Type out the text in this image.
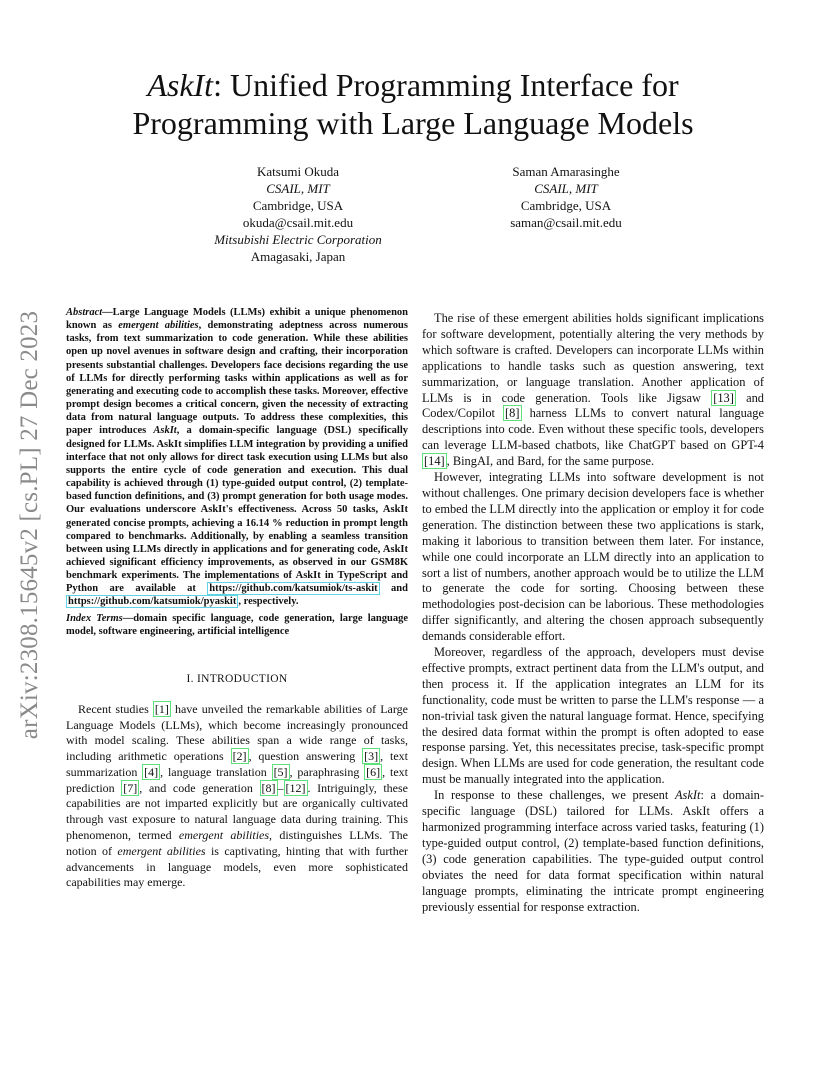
arXiv:2308.15645v2 [cs.PL] 27 Dec 2023
AskIt: Unified Programming Interface for Programming with Large Language Models
Katsumi Okuda
CSAIL, MIT
Cambridge, USA
okuda@csail.mit.edu
Mitsubishi Electric Corporation
Amagasaki, Japan
Saman Amarasinghe
CSAIL, MIT
Cambridge, USA
saman@csail.mit.edu

Abstract—Large Language Models (LLMs) exhibit a unique phenomenon known as emergent abilities, demonstrating adeptness across numerous tasks, from text summarization to code generation. While these abilities open up novel avenues in software design and crafting, their incorporation presents substantial challenges. Developers face decisions regarding the use of LLMs for directly performing tasks within applications as well as for generating and executing code to accomplish these tasks. Moreover, effective prompt design becomes a critical concern, given the necessity of extracting data from natural language outputs. To address these complexities, this paper introduces AskIt, a domain-specific language (DSL) specifically designed for LLMs. AskIt simplifies LLM integration by providing a unified interface that not only allows for direct task execution using LLMs but also supports the entire cycle of code generation and execution. This dual capability is achieved through (1) type-guided output control, (2) template-based function definitions, and (3) prompt generation for both usage modes. Our evaluations underscore AskIt's effectiveness. Across 50 tasks, AskIt generated concise prompts, achieving a 16.14 % reduction in prompt length compared to benchmarks. Additionally, by enabling a seamless transition between using LLMs directly in applications and for generating code, AskIt achieved significant efficiency improvements, as observed in our GSM8K benchmark experiments. The implementations of AskIt in TypeScript and Python are available at https://github.com/katsumiok/ts-askit and https://github.com/katsumiok/pyaskit , respectively.

Index Terms—domain specific language, code generation, large language model, software engineering, artificial intelligence

I. INTRODUCTION

Recent studies [1] have unveiled the remarkable abilities of Large Language Models (LLMs), which become increasingly pronounced with model scaling. These abilities span a wide range of tasks, including arithmetic operations [2] , question answering [3] , text summarization [4] , language translation [5] , paraphrasing [6] , text prediction [7] , and code generation [8] – [12] . Intriguingly, these capabilities are not imparted explicitly but are organically cultivated through vast exposure to natural language data during training. This phenomenon, termed emergent abilities, distinguishes LLMs. The notion of emergent abilities is captivating, hinting that with further advancements in language models, even more sophisticated capabilities may emerge.

The rise of these emergent abilities holds significant implications for software development, potentially altering the very methods by which software is crafted. Developers can incorporate LLMs within applications to handle tasks such as question answering, text summarization, or language translation. Another application of LLMs is in code generation. Tools like Jigsaw [13] and Codex/Copilot [8] harness LLMs to convert natural language descriptions into code. Even without these specific tools, developers can leverage LLM-based chatbots, like ChatGPT based on GPT-4 [14] , BingAI, and Bard, for the same purpose.

However, integrating LLMs into software development is not without challenges. One primary decision developers face is whether to embed the LLM directly into the application or employ it for code generation. The distinction between these two applications is stark, making it laborious to transition between them later. For instance, while one could incorporate an LLM directly into an application to sort a list of numbers, another approach would be to utilize the LLM to generate the code for sorting. Choosing between these methodologies post-decision can be laborious. These methodologies differ significantly, and altering the chosen approach subsequently demands considerable effort.

Moreover, regardless of the approach, developers must devise effective prompts, extract pertinent data from the LLM's output, and then process it. If the application integrates an LLM for its functionality, code must be written to parse the LLM's response — a non-trivial task given the natural language format. Hence, specifying the desired data format within the prompt is often adopted to ease response parsing. Yet, this necessitates precise, task-specific prompt design. When LLMs are used for code generation, the resultant code must be manually integrated into the application.

In response to these challenges, we present AskIt: a domain-specific language (DSL) tailored for LLMs. AskIt offers a harmonized programming interface across varied tasks, featuring (1) type-guided output control, (2) template-based function definitions, (3) code generation capabilities. The type-guided output control obviates the need for data format specification within natural language prompts, eliminating the intricate prompt engineering previously essential for response extraction.
